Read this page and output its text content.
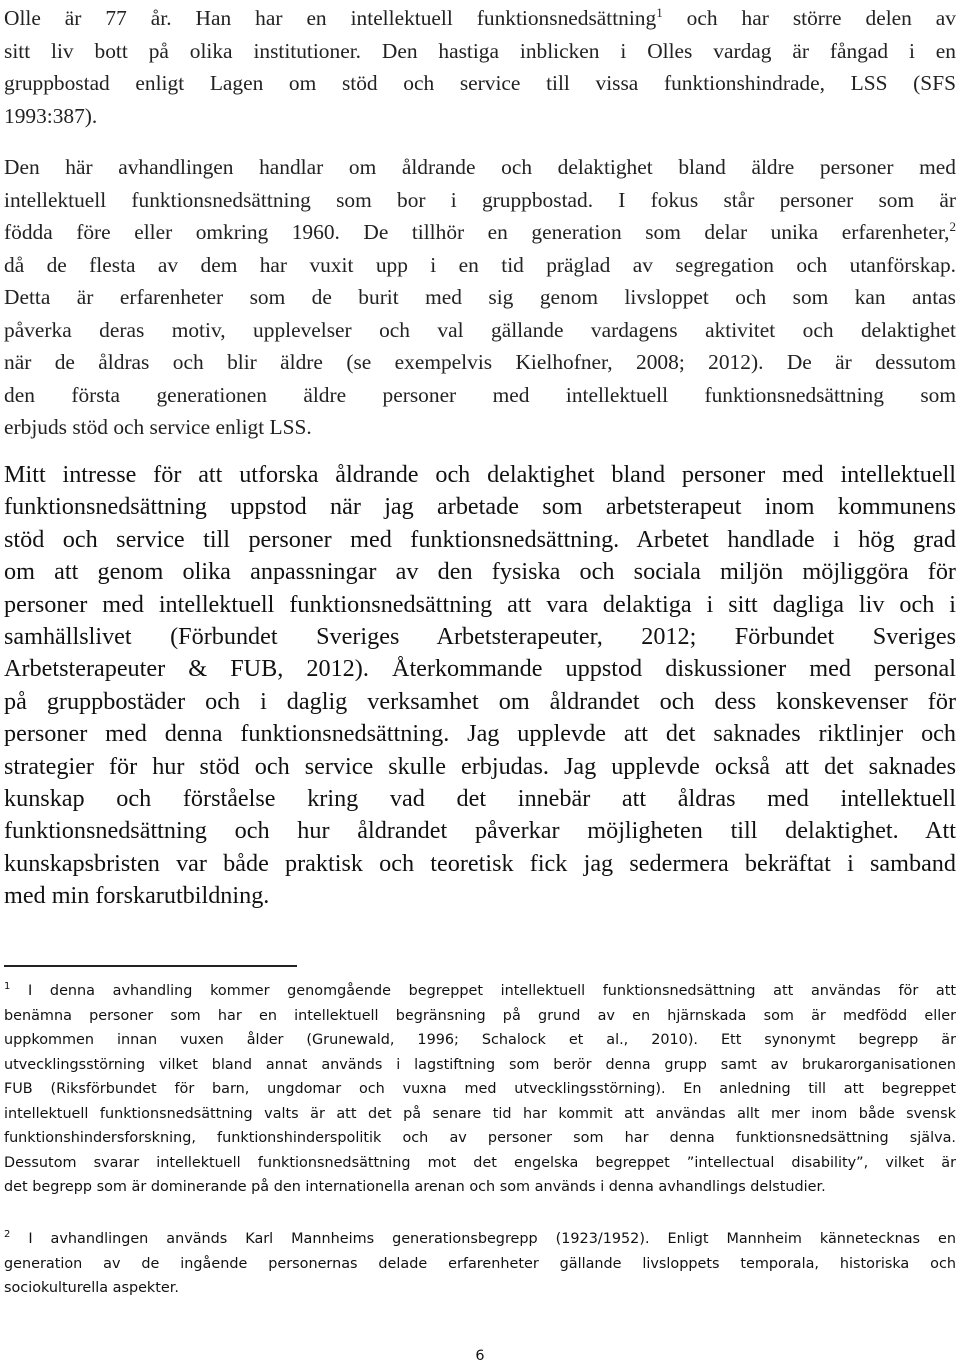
Olle är 77 år. Han har en intellektuell funktionsnedsättning$^1$ och har större delen av
sitt liv bott på olika institutioner. Den hastiga inblicken i Olles vardag är fångad i en
gruppbostad enligt Lagen om stöd och service till vissa funktionshindrade, LSS (SFS
1993:387).
Den här avhandlingen handlar om åldrande och delaktighet bland äldre personer med
intellektuell funktionsnedsättning som bor i gruppbostad. I fokus står personer som är
födda före eller omkring 1960. De tillhör en generation som delar unika erfarenheter,$^2$
då de flesta av dem har vuxit upp i en tid präglad av segregation och utanförskap.
Detta är erfarenheter som de burit med sig genom livsloppet och som kan antas
påverka deras motiv, upplevelser och val gällande vardagens aktivitet och delaktighet
när de åldras och blir äldre (se exempelvis Kielhofner, 2008; 2012). De är dessutom
den första generationen äldre personer med intellektuell funktionsnedsättning som
erbjuds stöd och service enligt LSS.
Mitt intresse för att utforska åldrande och delaktighet bland personer med intellektuell
funktionsnedsättning uppstod när jag arbetade som arbetsterapeut inom kommunens
stöd och service till personer med funktionsnedsättning. Arbetet handlade i hög grad
om att genom olika anpassningar av den fysiska och sociala miljön möjliggöra för
personer med intellektuell funktionsnedsättning att vara delaktiga i sitt dagliga liv och i
samhällslivet (Förbundet Sveriges Arbetsterapeuter, 2012; Förbundet Sveriges
Arbetsterapeuter & FUB, 2012). Återkommande uppstod diskussioner med personal
på gruppbostäder och i daglig verksamhet om åldrandet och dess konskevenser för
personer med denna funktionsnedsättning. Jag upplevde att det saknades riktlinjer och
strategier för hur stöd och service skulle erbjudas. Jag upplevde också att det saknades
kunskap och förståelse kring vad det innebär att åldras med intellektuell
funktionsnedsättning och hur åldrandet påverkar möjligheten till delaktighet. Att
kunskapsbristen var både praktisk och teoretisk fick jag sedermera bekräftat i samband
med min forskarutbildning.
$^1$ I denna avhandling kommer genomgående begreppet intellektuell funktionsnedsättning att användas för att
benämna personer som har en intellektuell begränsning på grund av en hjärnskada som är medfödd eller
uppkommen innan vuxen ålder (Grunewald, 1996; Schalock et al., 2010). Ett synonymt begrepp är
utvecklingsstörning vilket bland annat används i lagstiftning som berör denna grupp samt av brukarorganisationen
FUB (Riksförbundet för barn, ungdomar och vuxna med utvecklingsstörning). En anledning till att begreppet
intellektuell funktionsnedsättning valts är att det på senare tid har kommit att användas allt mer inom både svensk
funktionshindersforskning, funktionshinderspolitik och av personer som har denna funktionsnedsättning själva.
Dessutom svarar intellektuell funktionsnedsättning mot det engelska begreppet ”intellectual disability”, vilket är
det begrepp som är dominerande på den internationella arenan och som används i denna avhandlings delstudier.
$^2$ I avhandlingen används Karl Mannheims generationsbegrepp (1923/1952). Enligt Mannheim kännetecknas en
generation av de ingående personernas delade erfarenheter gällande livsloppets temporala, historiska och
sociokulturella aspekter.
6
